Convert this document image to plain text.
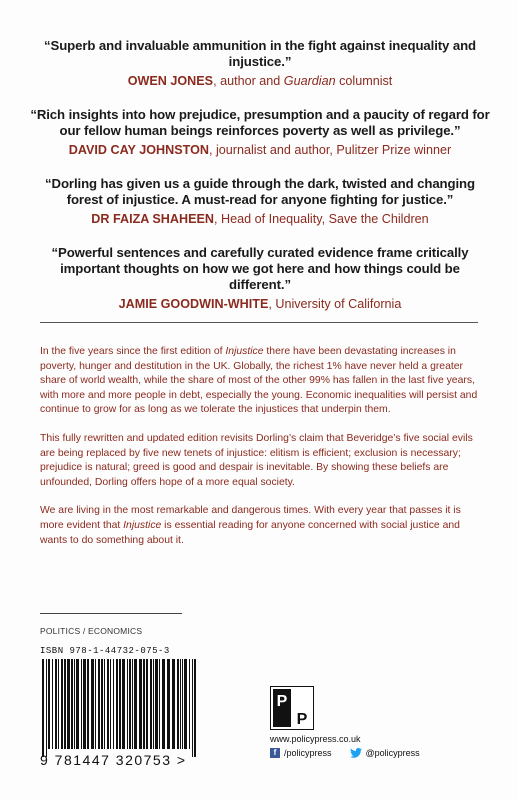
“Superb and invaluable ammunition in the fight against inequality and injustice.”
OWEN JONES, author and Guardian columnist
“Rich insights into how prejudice, presumption and a paucity of regard for our fellow human beings reinforces poverty as well as privilege.”
DAVID CAY JOHNSTON, journalist and author, Pulitzer Prize winner
“Dorling has given us a guide through the dark, twisted and changing forest of injustice. A must-read for anyone fighting for justice.”
DR FAIZA SHAHEEN, Head of Inequality, Save the Children
“Powerful sentences and carefully curated evidence frame critically important thoughts on how we got here and how things could be different.”
JAMIE GOODWIN-WHITE, University of California

In the five years since the first edition of Injustice there have been devastating increases in poverty, hunger and destitution in the UK. Globally, the richest 1% have never held a greater share of world wealth, while the share of most of the other 99% has fallen in the last five years, with more and more people in debt, especially the young. Economic inequalities will persist and continue to grow for as long as we tolerate the injustices that underpin them.

This fully rewritten and updated edition revisits Dorling’s claim that Beveridge’s five social evils are being replaced by five new tenets of injustice: elitism is efficient; exclusion is necessary; prejudice is natural; greed is good and despair is inevitable. By showing these beliefs are unfounded, Dorling offers hope of a more equal society.

We are living in the most remarkable and dangerous times. With every year that passes it is more evident that Injustice is essential reading for anyone concerned with social justice and wants to do something about it.

POLITICS / ECONOMICS
ISBN 978-1-44732-075-3
9 781447 320753 >
P
P
www.policypress.co.uk
f /policypress	@policypress
